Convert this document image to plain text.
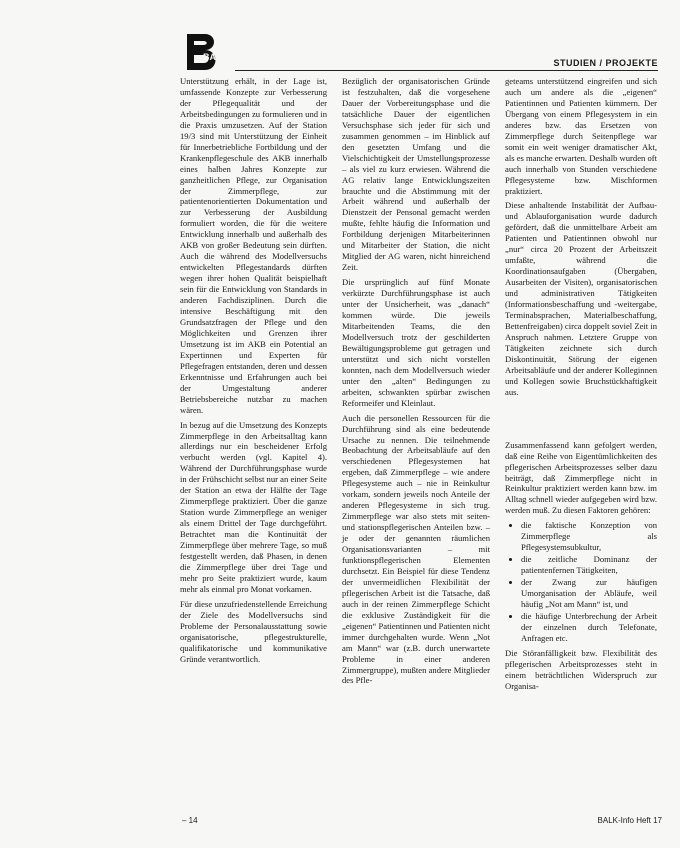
BALK
STUDIEN / PROJEKTE

Unterstützung erhält, in der Lage ist, umfassende Konzepte zur Verbesserung der Pflegequalität und der Arbeitsbedingungen zu formulieren und in die Praxis umzusetzen. Auf der Station 19/3 sind mit Unterstützung der Einheit für Innerbetriebliche Fortbildung und der Krankenpflegeschule des AKB innerhalb eines halben Jahres Konzepte zur ganzheitlichen Pflege, zur Organisation der Zimmerpflege, zur patientenorientierten Dokumentation und zur Verbesserung der Ausbildung formuliert worden, die für die weitere Entwicklung innerhalb und außerhalb des AKB von großer Bedeutung sein dürften. Auch die während des Modellversuchs entwickelten Pflegestandards dürften wegen ihrer hohen Qualität beispielhaft sein für die Entwicklung von Standards in anderen Fachdisziplinen. Durch die intensive Beschäftigung mit den Grundsatzfragen der Pflege und den Möglichkeiten und Grenzen ihrer Umsetzung ist im AKB ein Potential an Expertinnen und Experten für Pflegefragen entstanden, deren und dessen Erkenntnisse und Erfahrungen auch bei der Umgestaltung anderer Betriebsbereiche nutzbar zu machen wären.

In bezug auf die Umsetzung des Konzepts Zimmerpflege in den Arbeitsalltag kann allerdings nur ein bescheidener Erfolg verbucht werden (vgl. Kapitel 4). Während der Durchführungsphase wurde in der Frühschicht selbst nur an einer Seite der Station an etwa der Hälfte der Tage Zimmerpflege praktiziert. Über die ganze Station wurde Zimmerpflege an weniger als einem Drittel der Tage durchgeführt. Betrachtet man die Kontinuität der Zimmerpflege über mehrere Tage, so muß festgestellt werden, daß Phasen, in denen die Zimmerpflege über drei Tage und mehr pro Seite praktiziert wurde, kaum mehr als einmal pro Monat vorkamen.

Für diese unzufriedenstellende Erreichung der Ziele des Modellversuchs sind Probleme der Personalausstattung sowie organisatorische, pflegestrukturelle, qualifikatorische und kommunikative Gründe verantwortlich.

Bezüglich der organisatorischen Gründe ist festzuhalten, daß die vorgesehene Dauer der Vorbereitungsphase und die tatsächliche Dauer der eigentlichen Versuchsphase sich jeder für sich und zusammen genommen – im Hinblick auf den gesetzten Umfang und die Vielschichtigkeit der Umstellungsprozesse – als viel zu kurz erwiesen. Während die AG relativ lange Entwicklungszeiten brauchte und die Abstimmung mit der Arbeit während und außerhalb der Dienstzeit der Pensonal gemacht werden mußte, fehlte häufig die Information und Fortbildung derjenigen Mitarbeiterinnen und Mitarbeiter der Station, die nicht Mitglied der AG waren, nicht hinreichend Zeit.

Die ursprünglich auf fünf Monate verkürzte Durchführungsphase ist auch unter der Unsicherheit, was „danach“ kommen würde. Die jeweils Mitarbeitenden Teams, die den Modellversuch trotz der geschilderten Bewältigungsprobleme gut getragen und unterstützt und sich nicht vorstellen konnten, nach dem Modellversuch wieder unter den „alten“ Bedingungen zu arbeiten, schwankten spürbar zwischen Reformeifer und Kleinlaut.

Auch die personellen Ressourcen für die Durchführung sind als eine bedeutende Ursache zu nennen. Die teilnehmende Beobachtung der Arbeitsabläufe auf den verschiedenen Pflegesystemen hat ergeben, daß Zimmerpflege – wie andere Pflegesysteme auch – nie in Reinkultur vorkam, sondern jeweils noch Anteile der anderen Pflegesysteme in sich trug. Zimmerpflege war also stets mit seiten- und stationspflegerischen Anteilen bzw. – je oder der genannten räumlichen Organisationsvarianten – mit funktionspflegerischen Elementen durchsetzt. Ein Beispiel für diese Tendenz der unvermeidlichen Flexibilität der pflegerischen Arbeit ist die Tatsache, daß auch in der reinen Zimmerpflege Schicht die exklusive Zuständigkeit für die „eigenen“ Patientinnen und Patienten nicht immer durchgehalten wurde. Wenn „Not am Mann“ war (z.B. durch unerwartete Probleme in einer anderen Zimmergruppe), mußten andere Mitglieder des Pfle-

geteams unterstützend eingreifen und sich auch um andere als die „eigenen“ Patientinnen und Patienten kümmern. Der Übergang von einem Pflegesystem in ein anderes bzw. das Ersetzen von Zimmerpflege durch Seitenpflege war somit ein weit weniger dramatischer Akt, als es manche erwarten. Deshalb wurden oft auch innerhalb von Stunden verschiedene Pflegesysteme bzw. Mischformen praktiziert.

Diese anhaltende Instabilität der Aufbau- und Ablauforganisation wurde dadurch gefördert, daß die unmittelbare Arbeit am Patienten und Patientinnen obwohl nur „nur“ circa 20 Prozent der Arbeitszeit umfaßte, während die Koordinationsaufgaben (Übergaben, Ausarbeiten der Visiten), organisatorischen und administrativen Tätigkeiten (Informationsbeschaffung und -weitergabe, Terminabsprachen, Materialbeschaffung, Bettenfreigaben) circa doppelt soviel Zeit in Anspruch nahmen. Letztere Gruppe von Tätigkeiten zeichnete sich durch Diskontinuität, Störung der eigenen Arbeitsabläufe und der anderer Kolleginnen und Kollegen sowie Bruchstückhaftigkeit aus.

Zusammenfassend kann gefolgert werden, daß eine Reihe von Eigentümlichkeiten des pflegerischen Arbeitsprozesses selber dazu beiträgt, daß Zimmerpflege nicht in Reinkultur praktiziert werden kann bzw. im Alltag schnell wieder aufgegeben wird bzw. werden muß. Zu diesen Faktoren gehören:

• die faktische Konzeption von Zimmerpflege als Pflegesystemsubkultur,
• die zeitliche Dominanz der patientenfernen Tätigkeiten,
• der Zwang zur häufigen Umorganisation der Abläufe, weil häufig „Not am Mann“ ist, und
• die häufige Unterbrechung der Arbeit der einzelnen durch Telefonate, Anfragen etc.

Die Störanfälligkeit bzw. Flexibilität des pflegerischen Arbeitsprozesses steht in einem beträchtlichen Widerspruch zur Organisa-

– 14	BALK-Info Heft 17
